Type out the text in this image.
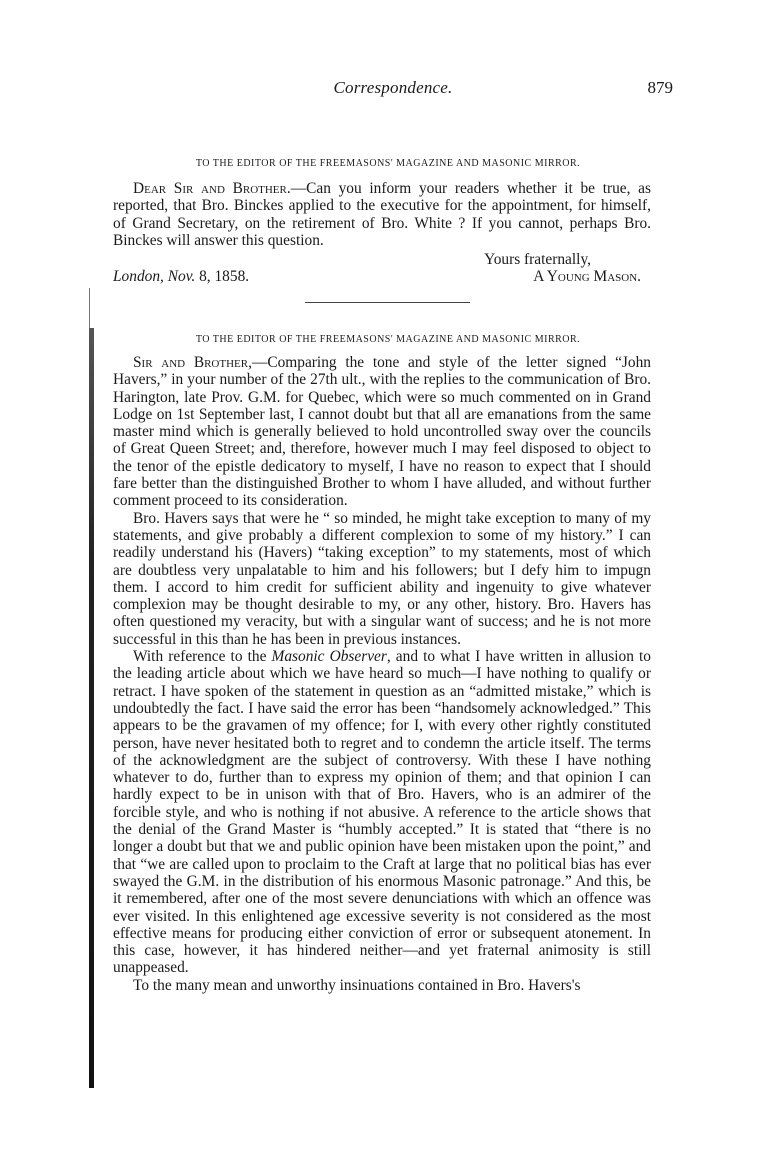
Correspondence.	879
TO THE EDITOR OF THE FREEMASONS' MAGAZINE AND MASONIC MIRROR.

Dear Sir and Brother.—Can you inform your readers whether it be true, as reported, that Bro. Binckes applied to the executive for the appointment, for himself, of Grand Secretary, on the retirement of Bro. White ? If you cannot, perhaps Bro. Binckes will answer this question.

Yours fraternally,
London, Nov. 8, 1858.	A Young Mason.
TO THE EDITOR OF THE FREEMASONS' MAGAZINE AND MASONIC MIRROR.

Sir and Brother,—Comparing the tone and style of the letter signed “John Havers,” in your number of the 27th ult., with the replies to the communication of Bro. Harington, late Prov. G.M. for Quebec, which were so much commented on in Grand Lodge on 1st September last, I cannot doubt but that all are emanations from the same master mind which is generally believed to hold uncontrolled sway over the councils of Great Queen Street; and, therefore, however much I may feel disposed to object to the tenor of the epistle dedicatory to myself, I have no reason to expect that I should fare better than the distinguished Brother to whom I have alluded, and without further comment proceed to its consideration.

Bro. Havers says that were he “ so minded, he might take exception to many of my statements, and give probably a different complexion to some of my history.” I can readily understand his (Havers) “taking exception” to my statements, most of which are doubtless very unpalatable to him and his followers; but I defy him to impugn them. I accord to him credit for sufficient ability and ingenuity to give whatever complexion may be thought desirable to my, or any other, history. Bro. Havers has often questioned my veracity, but with a singular want of success; and he is not more successful in this than he has been in previous instances.

With reference to the Masonic Observer, and to what I have written in allusion to the leading article about which we have heard so much—I have nothing to qualify or retract. I have spoken of the statement in question as an “admitted mistake,” which is undoubtedly the fact. I have said the error has been “handsomely acknowledged.” This appears to be the gravamen of my offence; for I, with every other rightly constituted person, have never hesitated both to regret and to condemn the article itself. The terms of the acknowledgment are the subject of controversy. With these I have nothing whatever to do, further than to express my opinion of them; and that opinion I can hardly expect to be in unison with that of Bro. Havers, who is an admirer of the forcible style, and who is nothing if not abusive. A reference to the article shows that the denial of the Grand Master is “humbly accepted.” It is stated that “there is no longer a doubt but that we and public opinion have been mistaken upon the point,” and that “we are called upon to proclaim to the Craft at large that no political bias has ever swayed the G.M. in the distribution of his enormous Masonic patronage.” And this, be it remembered, after one of the most severe denunciations with which an offence was ever visited. In this enlightened age excessive severity is not considered as the most effective means for producing either conviction of error or subsequent atonement. In this case, however, it has hindered neither—and yet fraternal animosity is still unappeased.

To the many mean and unworthy insinuations contained in Bro. Havers's
